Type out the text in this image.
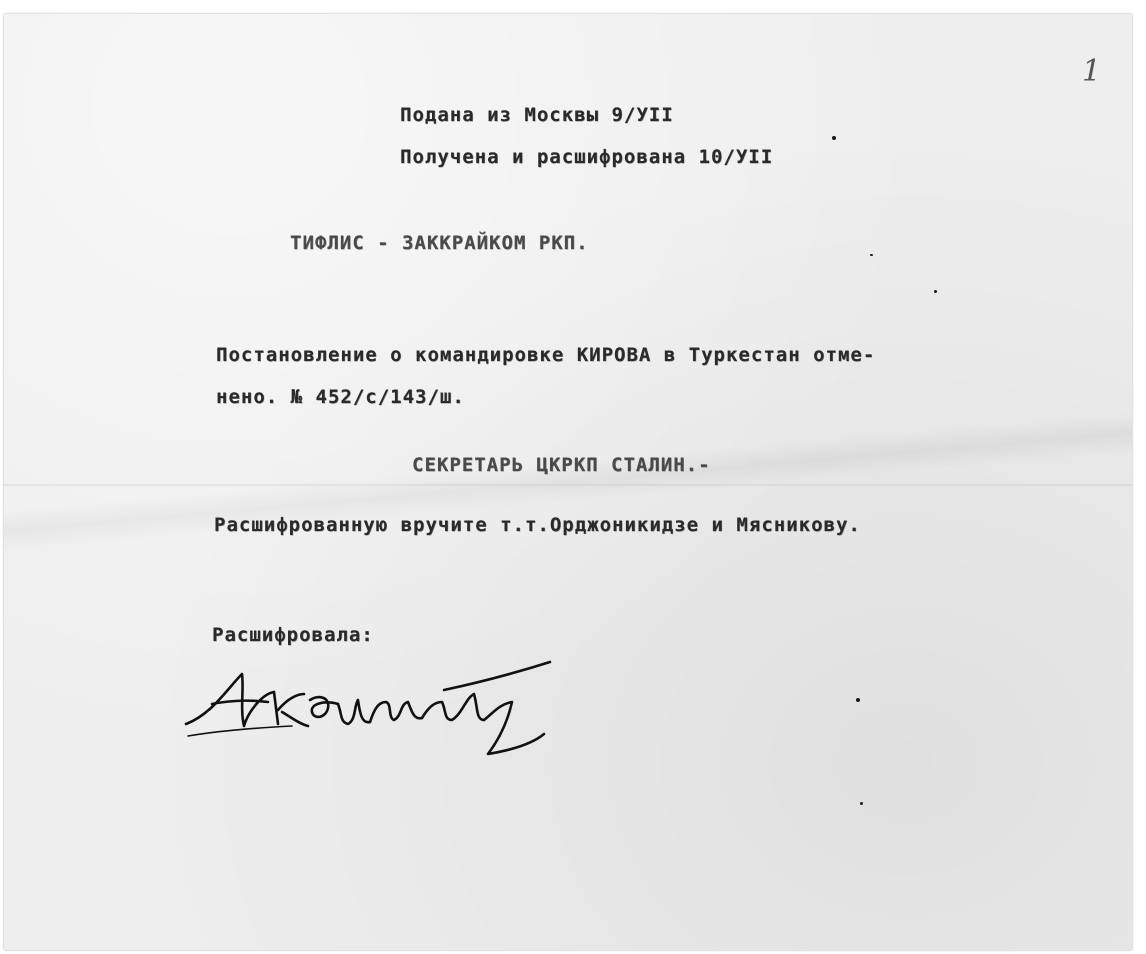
1
Подана из Москвы 9/УII
Получена и расшифрована 10/УII
ТИФЛИС - ЗАККРАЙКОМ РКП.
Постановление о командировке КИРОВА в Туркестан отме-
нено. № 452/с/143/ш.
СЕКРЕТАРЬ ЦКРКП СТАЛИН.-
Расшифрованную вручите т.т.Орджоникидзе и Мясникову.
Расшифровала:
АКюркант
